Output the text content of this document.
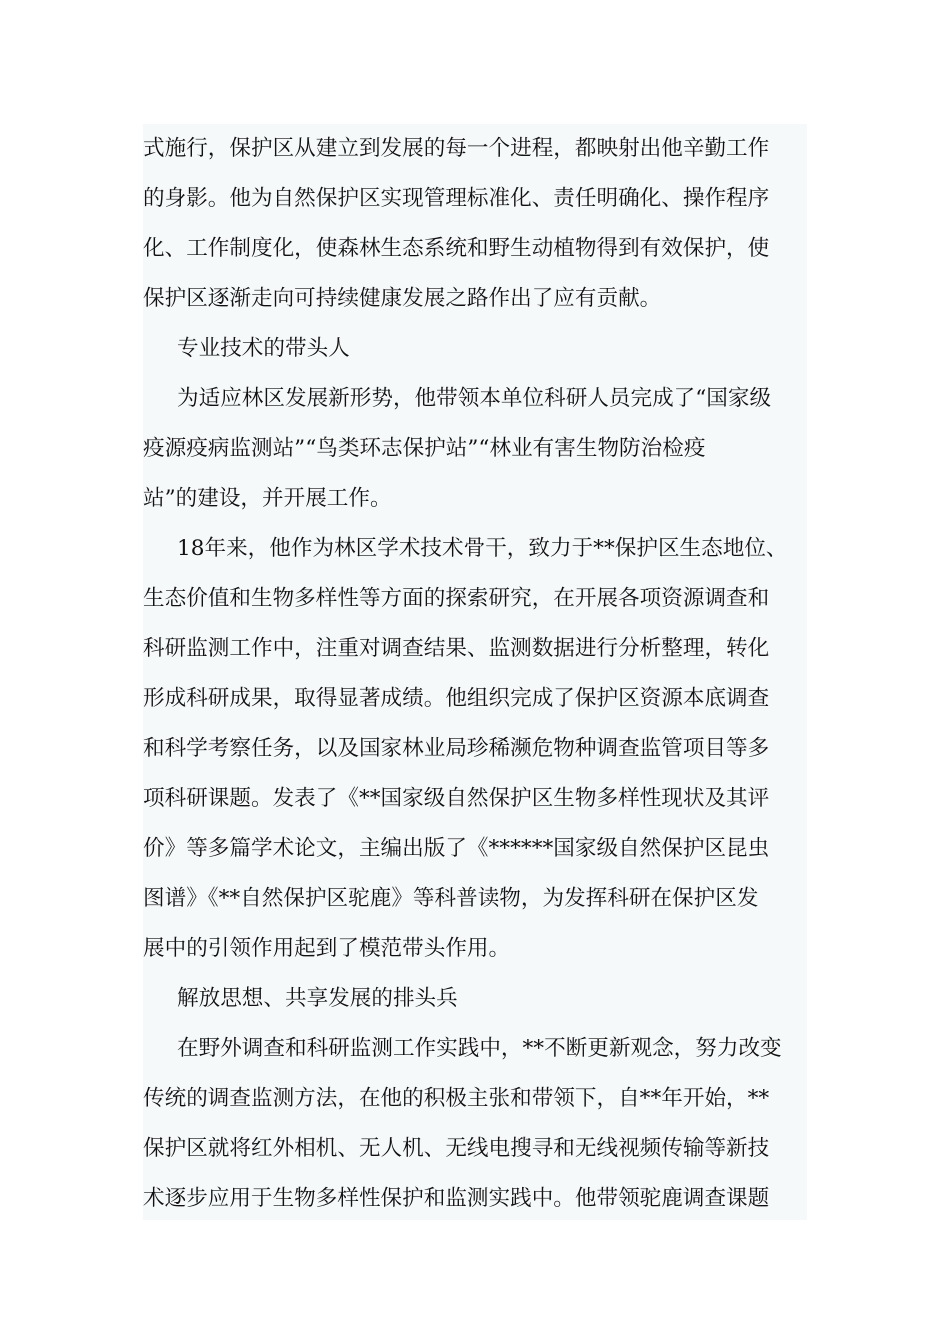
式施行，保护区从建立到发展的每一个进程，都映射出他辛勤工作
的身影。他为自然保护区实现管理标准化、责任明确化、操作程序
化、工作制度化，使森林生态系统和野生动植物得到有效保护，使
保护区逐渐走向可持续健康发展之路作出了应有贡献。
专业技术的带头人
为适应林区发展新形势，他带领本单位科研人员完成了“国家级
疫源疫病监测站”“鸟类环志保护站”“林业有害生物防治检疫
站”的建设，并开展工作。
18年来，他作为林区学术技术骨干，致力于**保护区生态地位、
生态价值和生物多样性等方面的探索研究，在开展各项资源调查和
科研监测工作中，注重对调查结果、监测数据进行分析整理，转化
形成科研成果，取得显著成绩。他组织完成了保护区资源本底调查
和科学考察任务，以及国家林业局珍稀濒危物种调查监管项目等多
项科研课题。发表了《**国家级自然保护区生物多样性现状及其评
价》等多篇学术论文，主编出版了《******国家级自然保护区昆虫
图谱》《**自然保护区驼鹿》等科普读物，为发挥科研在保护区发
展中的引领作用起到了模范带头作用。
解放思想、共享发展的排头兵
在野外调查和科研监测工作实践中，**不断更新观念，努力改变
传统的调查监测方法，在他的积极主张和带领下，自**年开始，**
保护区就将红外相机、无人机、无线电搜寻和无线视频传输等新技
术逐步应用于生物多样性保护和监测实践中。他带领驼鹿调查课题
